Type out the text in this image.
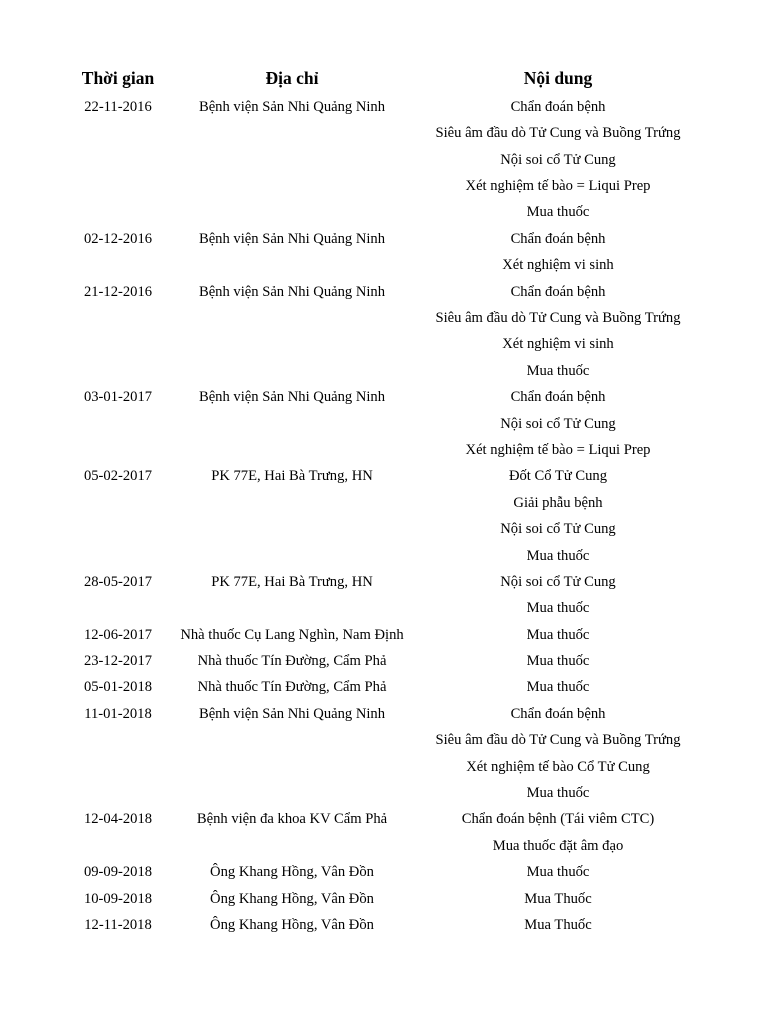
Thời gian	Địa chỉ	Nội dung
22-11-2016	Bệnh viện Sản Nhi Quảng Ninh	Chẩn đoán bệnh
Siêu âm đầu dò Tử Cung và Buồng Trứng
Nội soi cổ Tử Cung
Xét nghiệm tế bào = Liqui Prep
Mua thuốc
02-12-2016	Bệnh viện Sản Nhi Quảng Ninh	Chẩn đoán bệnh
Xét nghiệm vi sinh
21-12-2016	Bệnh viện Sản Nhi Quảng Ninh	Chẩn đoán bệnh
Siêu âm đầu dò Tử Cung và Buồng Trứng
Xét nghiệm vi sinh
Mua thuốc
03-01-2017	Bệnh viện Sản Nhi Quảng Ninh	Chẩn đoán bệnh
Nội soi cổ Tử Cung
Xét nghiệm tế bào = Liqui Prep
05-02-2017	PK 77E, Hai Bà Trưng, HN	Đốt Cổ Tử Cung
Giải phẫu bệnh
Nội soi cổ Tử Cung
Mua thuốc
28-05-2017	PK 77E, Hai Bà Trưng, HN	Nội soi cổ Tử Cung
Mua thuốc
12-06-2017	Nhà thuốc Cụ Lang Nghìn, Nam Định	Mua thuốc
23-12-2017	Nhà thuốc Tín Đường, Cẩm Phả	Mua thuốc
05-01-2018	Nhà thuốc Tín Đường, Cẩm Phả	Mua thuốc
11-01-2018	Bệnh viện Sản Nhi Quảng Ninh	Chẩn đoán bệnh
Siêu âm đầu dò Tử Cung và Buồng Trứng
Xét nghiệm tế bào Cổ Tử Cung
Mua thuốc
12-04-2018	Bệnh viện đa khoa KV Cẩm Phả	Chẩn đoán bệnh (Tái viêm CTC)
Mua thuốc đặt âm đạo
09-09-2018	Ông Khang Hồng, Vân Đồn	Mua thuốc
10-09-2018	Ông Khang Hồng, Vân Đồn	Mua Thuốc
12-11-2018	Ông Khang Hồng, Vân Đồn	Mua Thuốc
